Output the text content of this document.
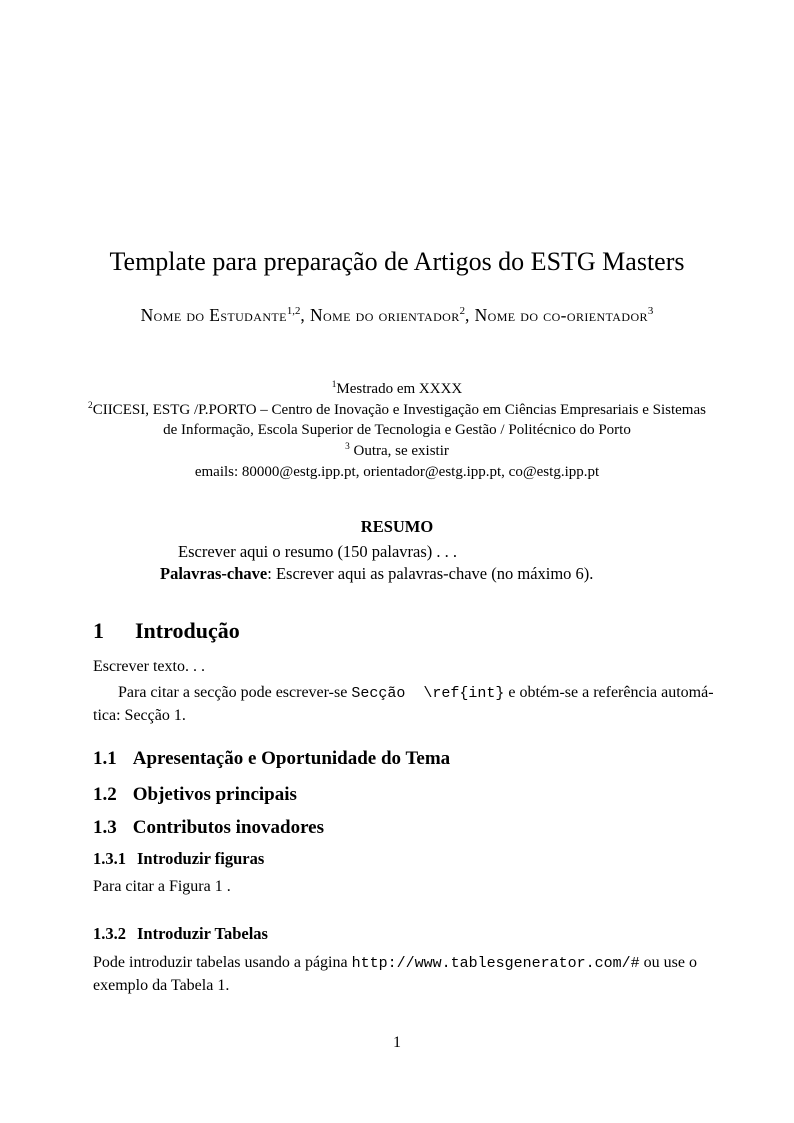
Template para preparação de Artigos do ESTG Masters
Nome do Estudante$^{1,2}$, Nome do orientador$^2$, Nome do co-orientador$^3$
$^1$Mestrado em XXXX
$^2$CIICESI, ESTG /P.PORTO – Centro de Inovação e Investigação em Ciências Empresariais e Sistemas de Informação, Escola Superior de Tecnologia e Gestão / Politécnico do Porto
$^3$ Outra, se existir
emails: 80000@estg.ipp.pt, orientador@estg.ipp.pt, co@estg.ipp.pt
RESUMO

Escrever aqui o resumo (150 palavras) . . .

Palavras-chave: Escrever aqui as palavras-chave (no máximo 6).

1 Introdução
Escrever texto. . .
Para citar a secção pode escrever-se Secção  \ref{int} e obtém-se a referência automá-
tica: Secção 1.
1.1 Apresentação e Oportunidade do Tema
1.2 Objetivos principais
1.3 Contributos inovadores
1.3.1 Introduzir figuras
Para citar a Figura 1 .
1.3.2 Introduzir Tabelas
Pode introduzir tabelas usando a página http://www.tablesgenerator.com/# ou use o
exemplo da Tabela 1.
1
